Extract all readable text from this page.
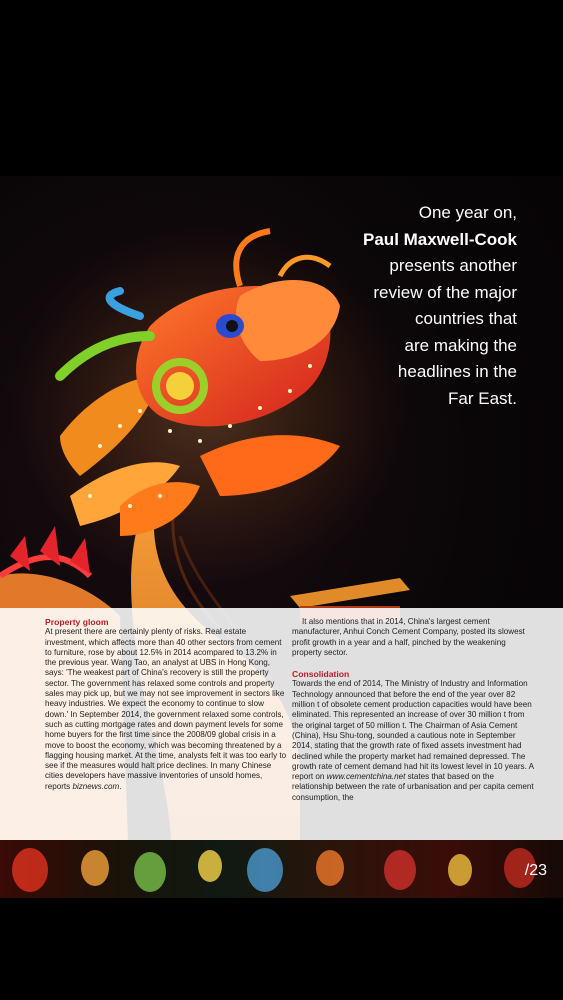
One year on,
Paul Maxwell-Cook
presents another
review of the major
countries that
are making the
headlines in the
Far East.

Property gloom

At present there are certainly plenty of risks. Real estate investment, which affects more than 40 other sectors from cement to furniture, rose by about 12.5% in 2014 acompared to 13.2% in the previous year. Wang Tao, an analyst at UBS in Hong Kong, says: 'The weakest part of China's recovery is still the property sector. The government has relaxed some controls and property sales may pick up, but we may not see improvement in sectors like heavy industries. We expect the economy to continue to slow down.' In September 2014, the government relaxed some controls, such as cutting mortgage rates and down payment levels for some home buyers for the first time since the 2008/09 global crisis in a move to boost the economy, which was becoming threatened by a flagging housing market. At the time, analysts felt it was too early to see if the measures would halt price declines. In many Chinese cities developers have massive inventories of unsold homes, reports biznews.com.

It also mentions that in 2014, China's largest cement manufacturer, Anhui Conch Cement Company, posted its slowest profit growth in a year and a half, pinched by the weakening property sector.

Consolidation

Towards the end of 2014, The Ministry of Industry and Information Technology announced that before the end of the year over 82 million t of obsolete cement production capacities would have been eliminated. This represented an increase of over 30 million t from the original target of 50 million t. The Chairman of Asia Cement (China), Hsu Shu-tong, sounded a cautious note in September 2014, stating that the growth rate of fixed assets investment had declined while the property market had remained depressed. The growth rate of cement demand had hit its lowest level in 10 years. A report on www.cementchina.net states that based on the relationship between the rate of urbanisation and per capita cement consumption, the

/23
